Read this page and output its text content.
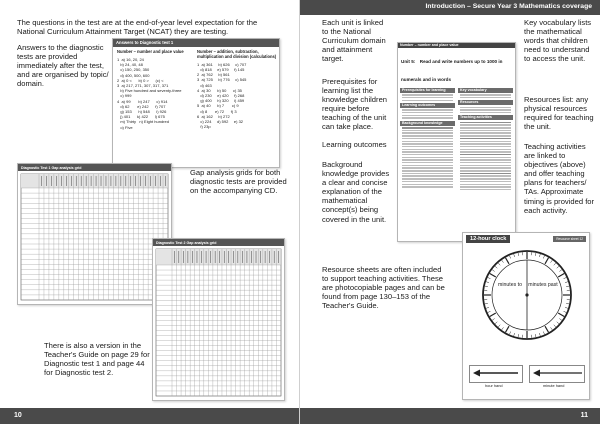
The questions in the test are at the end-of-year level expectation for the National Curriculum Attainment Target (NCAT) they are testing.
Answers to the diagnostic tests are provided immediately after the test, and are organised by topic/ domain.
Answers to Diagnostic test 1
Number – number and place value
1  a) 16, 20, 24
b) 24, 40, 48
c) 150, 250, 350
d) 400, 500, 600
2  a) 0 <      b) 0 >      (c) <
3  a) 217, 271, 307, 317, 371
b) Five hundred and seventy-three
c) 999
4  a) 99       b) 247      c) 914
d) 62       e) 242      f) 707
g) 153      h) 548      i) 926
j) 401      k) 422      l) 675
m) Thirty   n) Eight hundred
o) Five
Number – addition, subtraction, multiplication and division (calculations)
1  a) 361     b) 626     c) 707
d) 818     e) 579     f) 145
2  a) 762     b) 561
3  a) 725     b) 776     c) 545
d) 463
4  a) 30      b) 50      c) 35
d) 230     e) 420     f) 268
g) 400     h) 320     i) 459
5  a) 40      b) 7       c) 9
d) 8       e) 72      f) 3
6  a) 162     b) 272
c) 224     d) 592     e) 32
f) 23p
Diagnostic Test 1 Gap analysis grid	Gap analysis grids for both diagnostic tests are provided on the accompanying CD.
Diagnostic Test 2 Gap analysis grid
There is also a version in the Teacher's Guide on page 29 for Diagnostic test 1 and page 44 for Diagnostic test 2.
10
Introduction – Secure Year 3 Mathematics coverage
Each unit is linked to the National Curriculum domain and attainment target.
Prerequisites for learning list the knowledge children require before teaching of the unit can take place.
Learning outcomes
Background knowledge provides a clear and concise explanation of the mathematical concept(s) being covered in the unit.
Number – number and place value
Unit 5: Read and write numbers up to 1000 in numerals and in words
Prerequisites for learning
Learning outcomes
Background knowledge
Key vocabulary
Resources
Teaching activities
Key vocabulary lists the mathematical words that children need to understand to access the unit.
Resources list: any physical resources required for teaching the unit.
Teaching activities are linked to objectives (above) and offer teaching plans for teachers/ TAs. Approximate timing is provided for each activity.
Resource sheets are often included to support teaching activities. These are photocopiable pages and can be found from page 130–153 of the Teacher's Guide.
12-hour clock	Resource sheet 12
minutes to	minutes past
hour hand	minute hand
11
